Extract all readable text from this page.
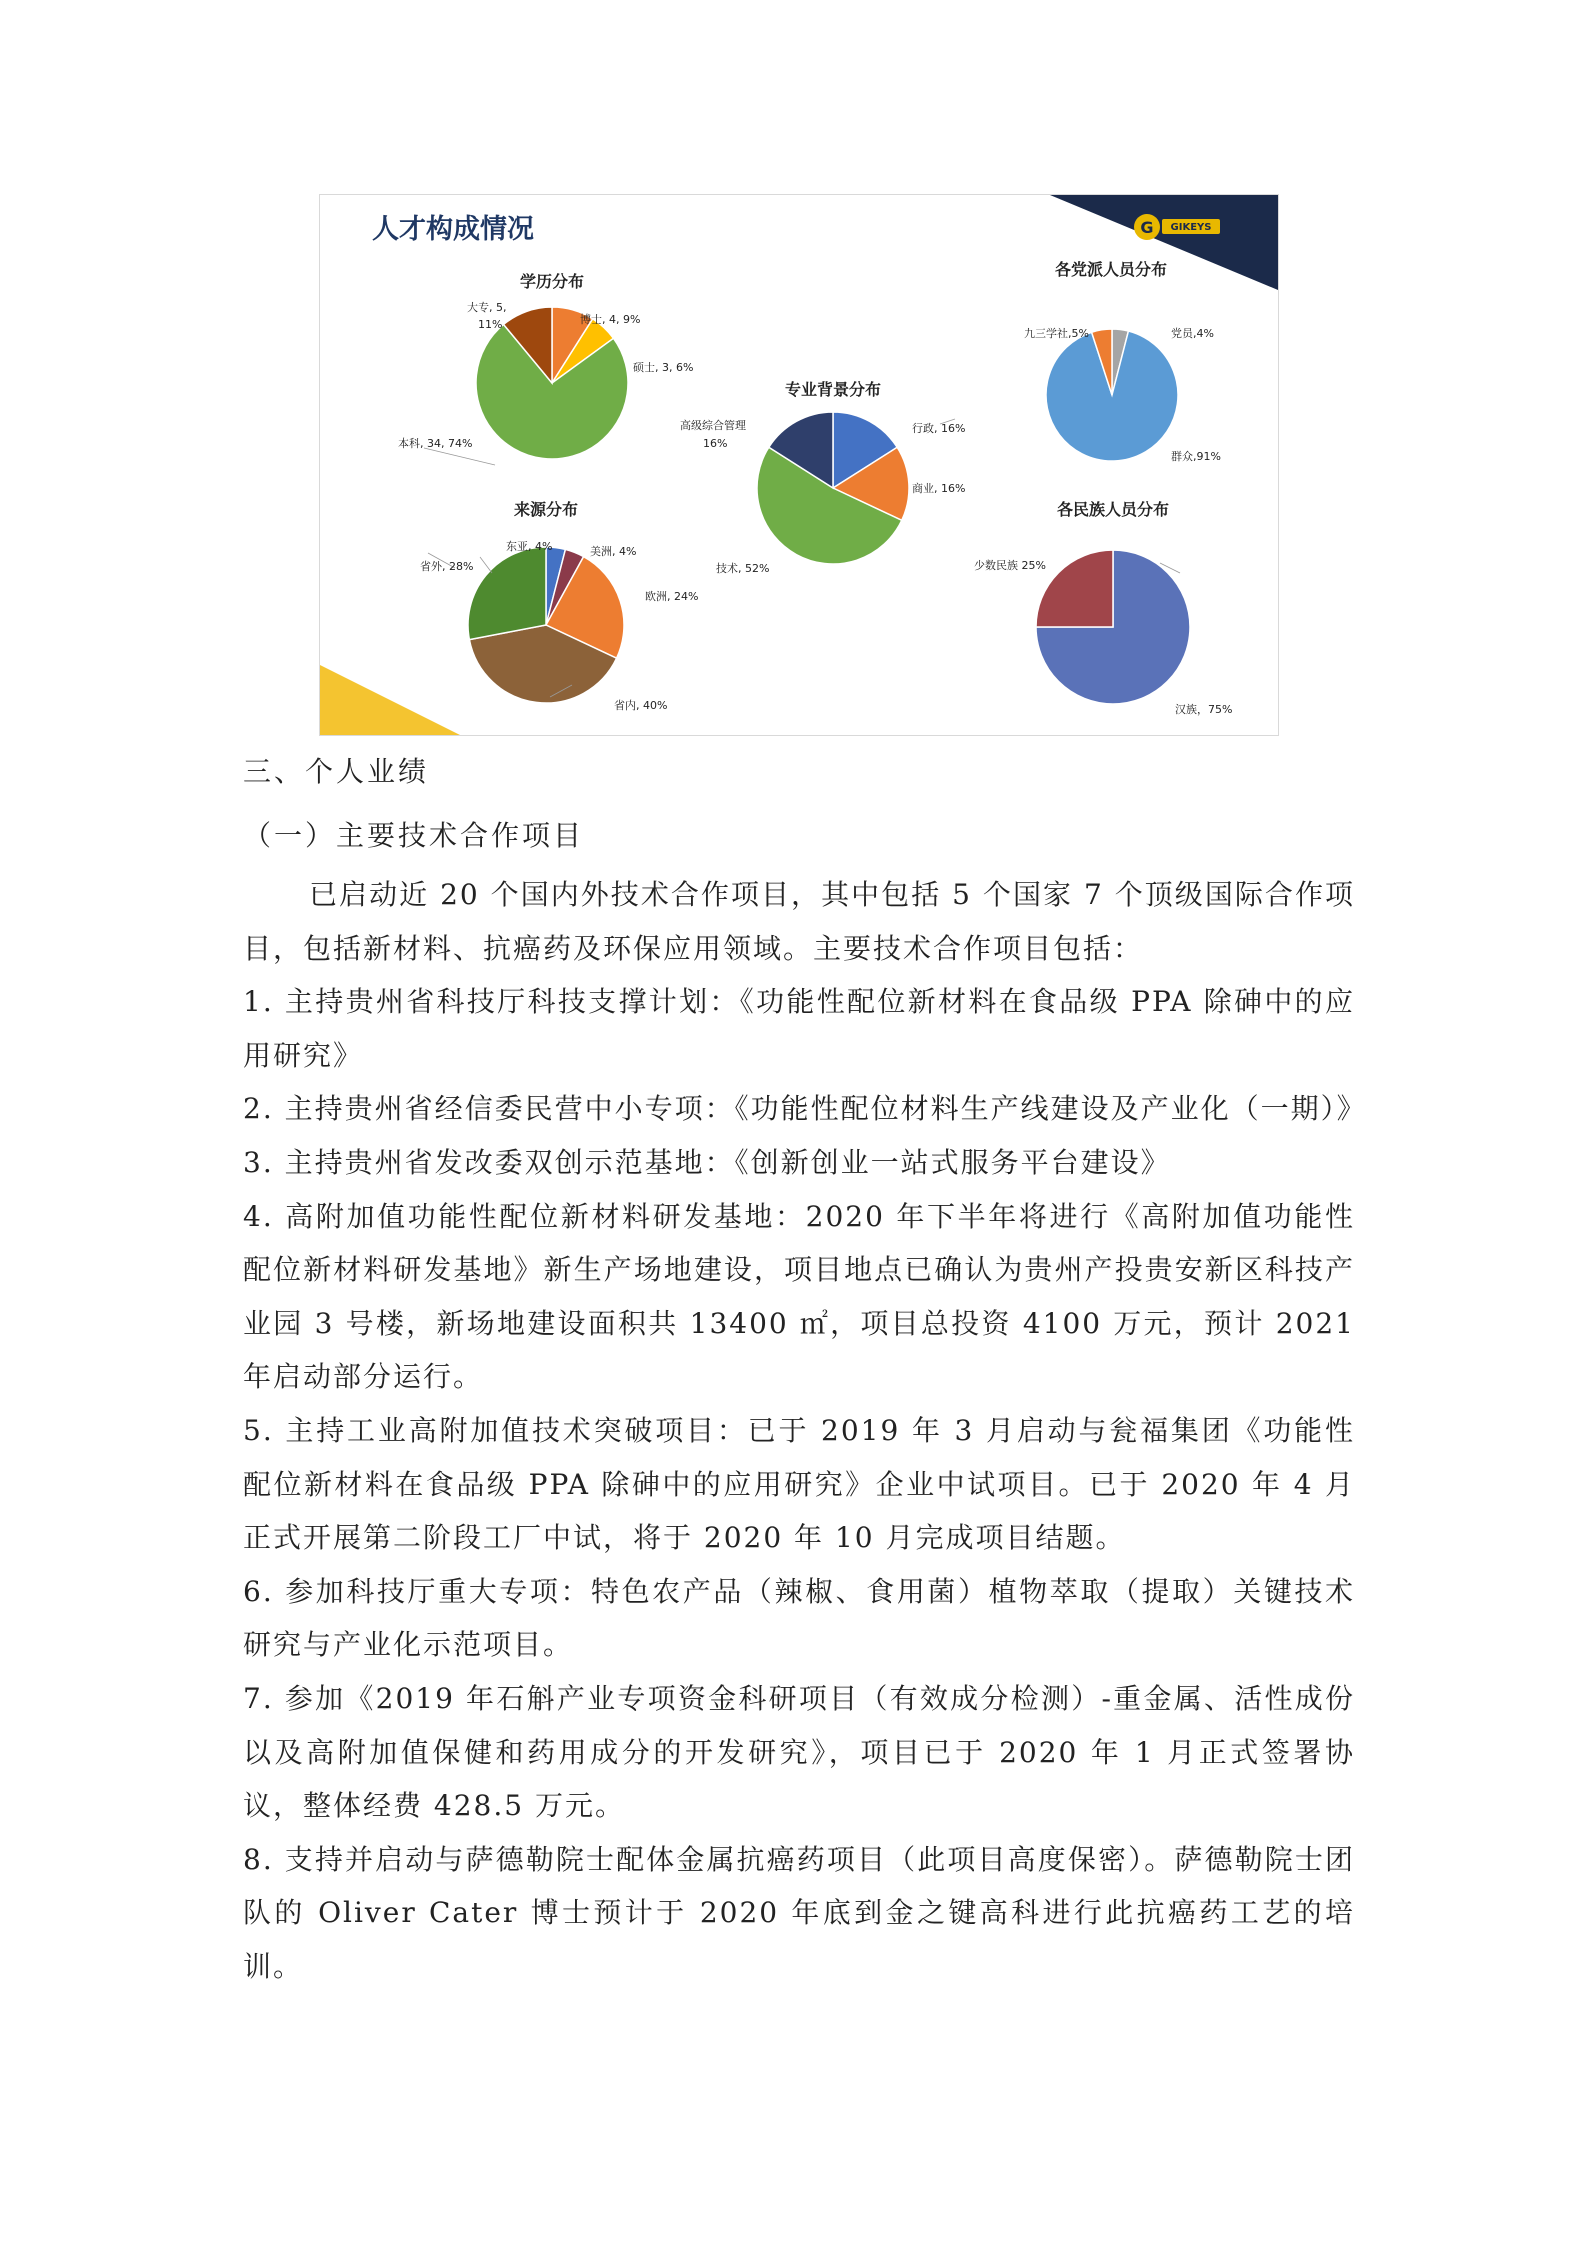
G GIKEYS
人才构成情况
学历分布
专业背景分布
来源分布
各党派人员分布
各民族人员分布
博士, 4, 9%
硕士, 3, 6%
本科, 34, 74%
大专, 5,
11%
行政, 16%
商业, 16%
技术, 52%
高级综合管理
16%
东亚, 4%	美洲, 4%
欧洲, 24%
省内, 40%
省外, 28%
党员,4%
群众,91%
九三学社,5%
汉族，75%
少数民族 25%
三、个人业绩
（一）主要技术合作项目

已启动近 20 个国内外技术合作项目，其中包括 5 个国家 7 个顶级国际合作项目，包括新材料、抗癌药及环保应用领域。主要技术合作项目包括：

1. 主持贵州省科技厅科技支撑计划：《功能性配位新材料在食品级 PPA 除砷中的应用研究》

2. 主持贵州省经信委民营中小专项：《功能性配位材料生产线建设及产业化（一期）》

3. 主持贵州省发改委双创示范基地：《创新创业一站式服务平台建设》

4. 高附加值功能性配位新材料研发基地：2020 年下半年将进行《高附加值功能性配位新材料研发基地》新生产场地建设，项目地点已确认为贵州产投贵安新区科技产业园 3 号楼，新场地建设面积共 13400 ㎡，项目总投资 4100 万元，预计 2021 年启动部分运行。

5. 主持工业高附加值技术突破项目：已于 2019 年 3 月启动与瓮福集团《功能性配位新材料在食品级 PPA 除砷中的应用研究》企业中试项目。已于 2020 年 4 月正式开展第二阶段工厂中试，将于 2020 年 10 月完成项目结题。

6. 参加科技厅重大专项：特色农产品（辣椒、食用菌）植物萃取（提取）关键技术研究与产业化示范项目。

7. 参加《2019 年石斛产业专项资金科研项目（有效成分检测）-重金属、活性成份以及高附加值保健和药用成分的开发研究》，项目已于 2020 年 1 月正式签署协议，整体经费 428.5 万元。

8. 支持并启动与萨德勒院士配体金属抗癌药项目（此项目高度保密）。萨德勒院士团队的 Oliver Cater 博士预计于 2020 年底到金之键高科进行此抗癌药工艺的培训。
